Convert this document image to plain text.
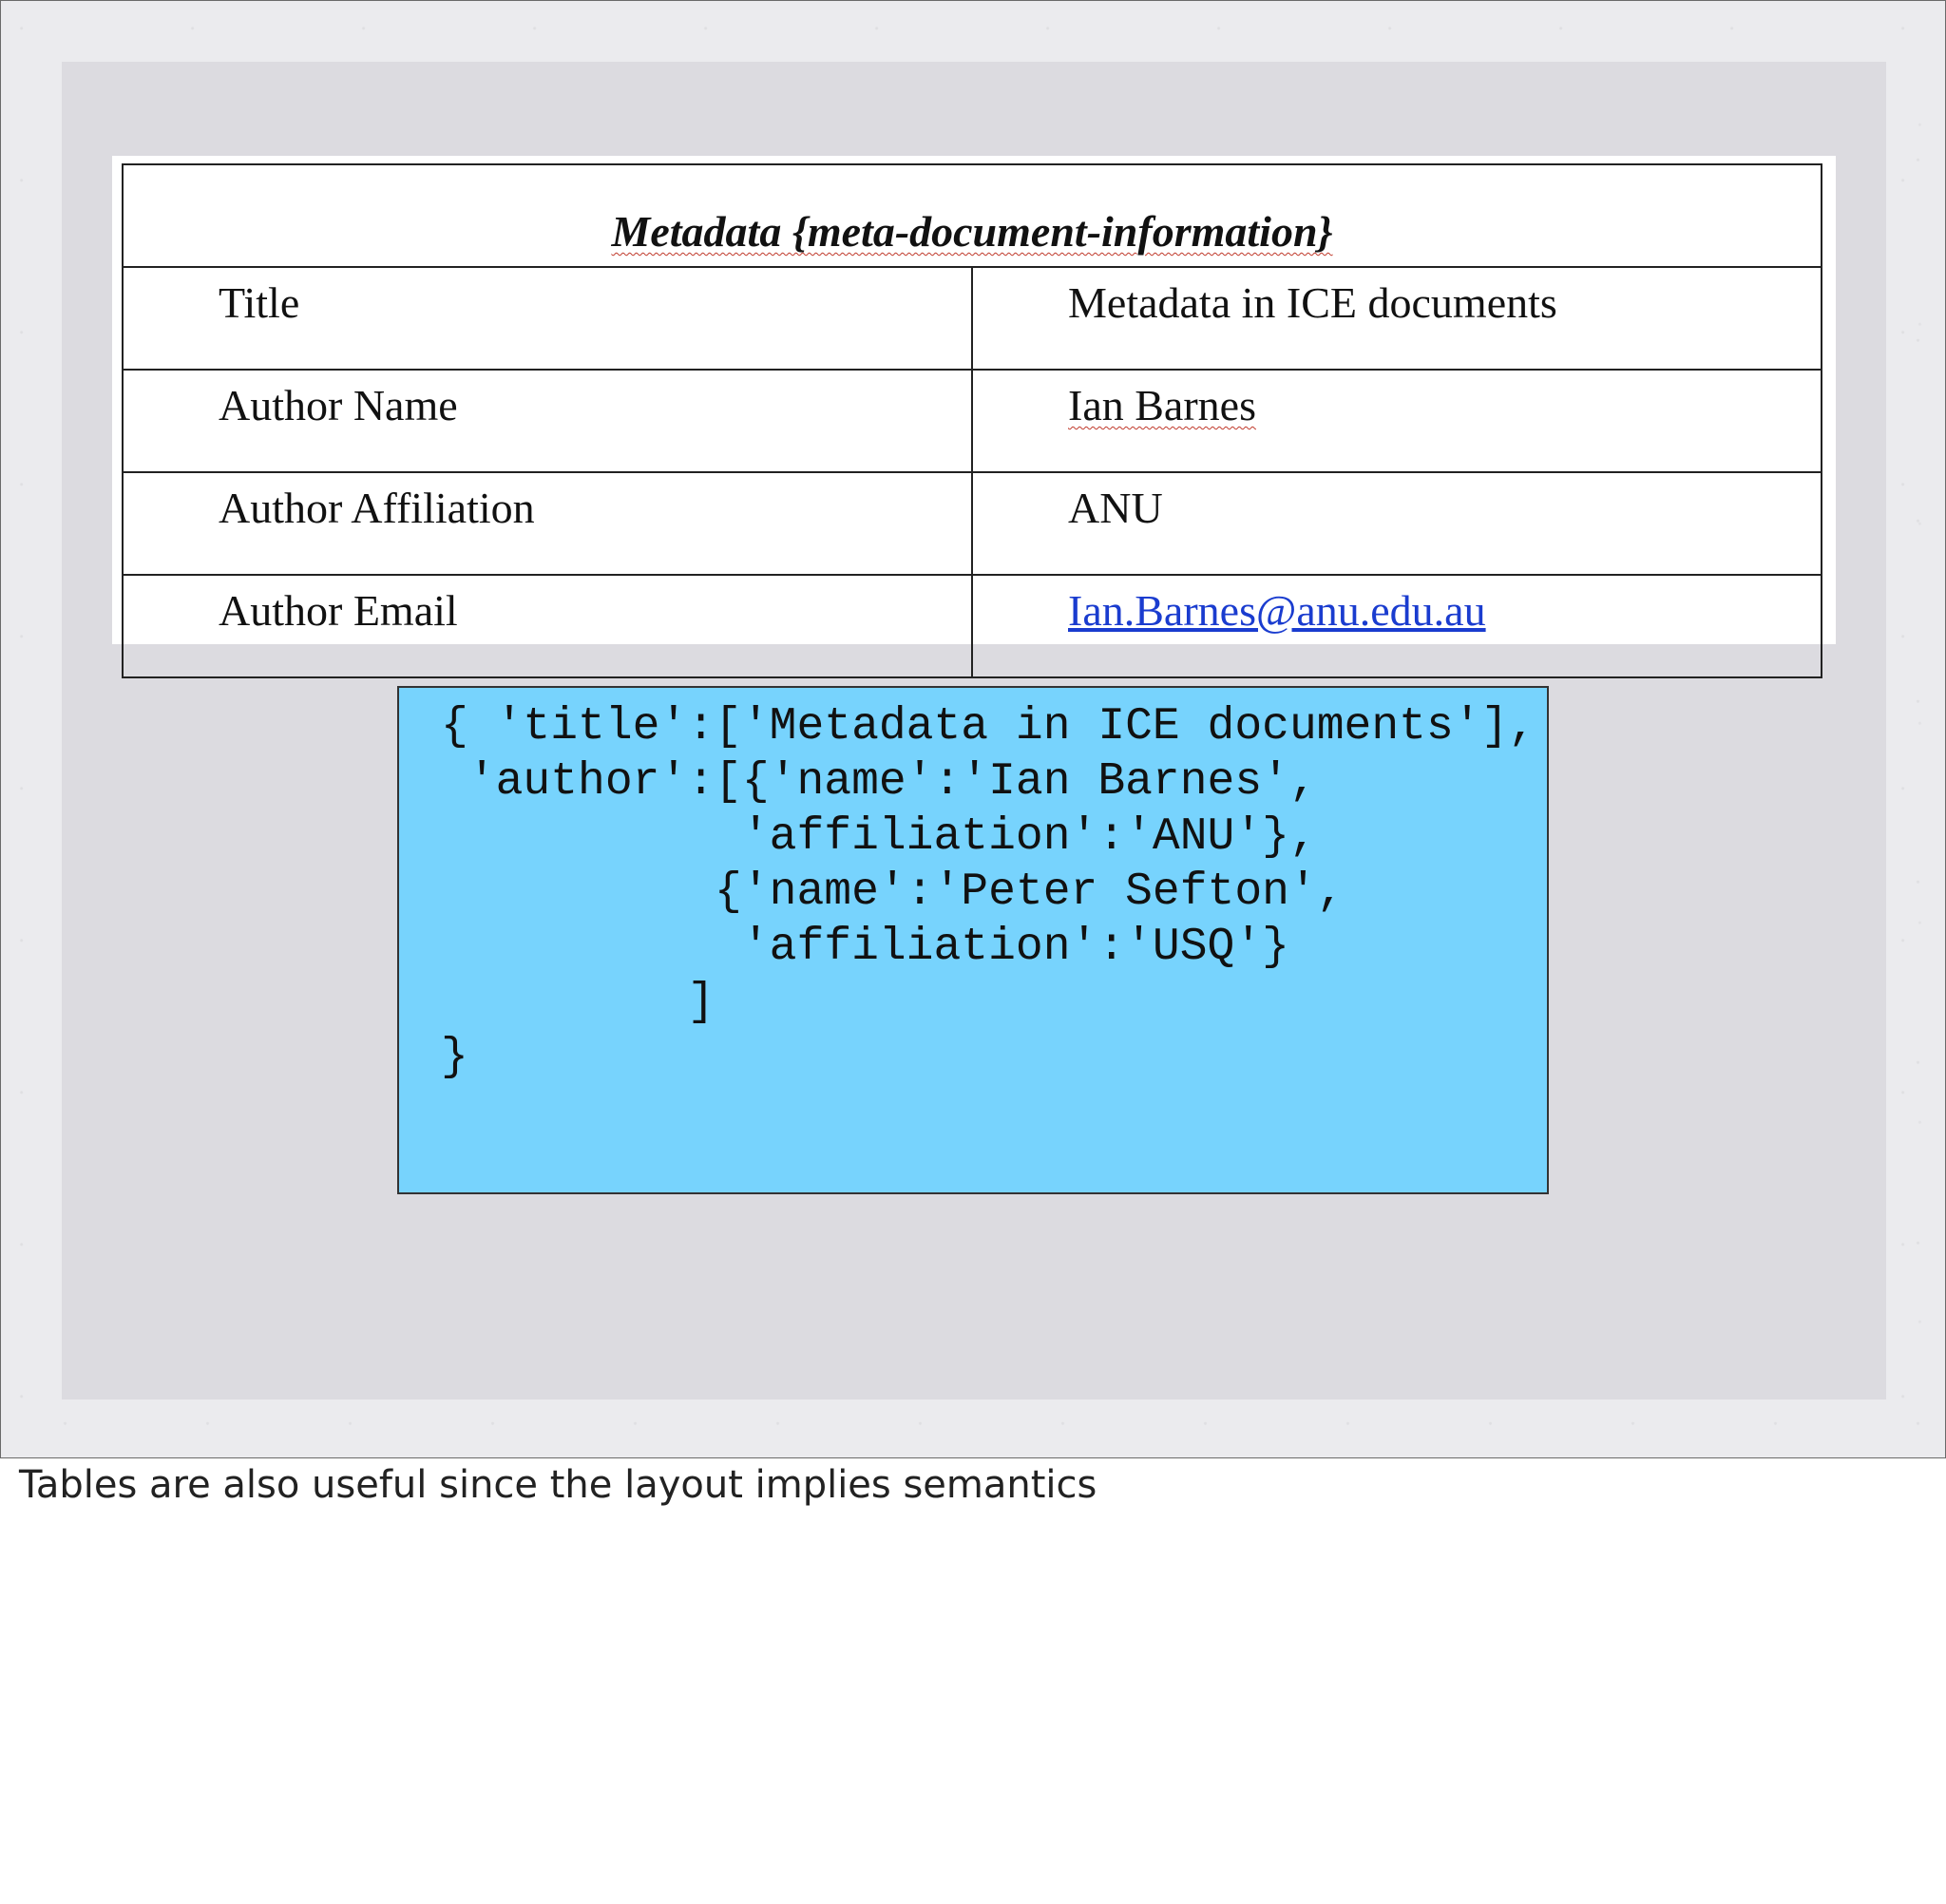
Metadata {meta-document-information}	
Title	Metadata in ICE documents
Author Name	Ian Barnes
Author Affiliation	ANU
Author Email	Ian.Barnes@anu.edu.au
{ 'title':['Metadata in ICE documents'],
'author':[{'name':'Ian Barnes',
'affiliation':'ANU'},
{'name':'Peter Sefton',
'affiliation':'USQ'}
]
}
Tables are also useful since the layout implies semantics
